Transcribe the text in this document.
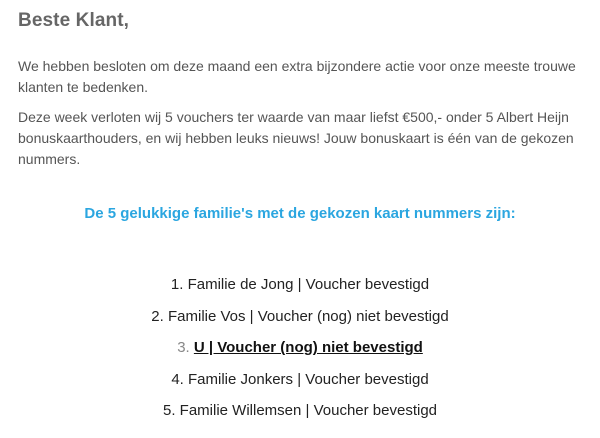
Beste Klant,

We hebben besloten om deze maand een extra bijzondere actie voor onze meeste trouwe klanten te bedenken.

Deze week verloten wij 5 vouchers ter waarde van maar liefst €500,- onder 5 Albert Heijn bonuskaarthouders, en wij hebben leuks nieuws! Jouw bonuskaart is één van de gekozen nummers.

De 5 gelukkige familie's met de gekozen kaart nummers zijn:

1. Familie de Jong | Voucher bevestigd
2. Familie Vos | Voucher (nog) niet bevestigd
3. U | Voucher (nog) niet bevestigd
4. Familie Jonkers | Voucher bevestigd
5. Familie Willemsen | Voucher bevestigd
